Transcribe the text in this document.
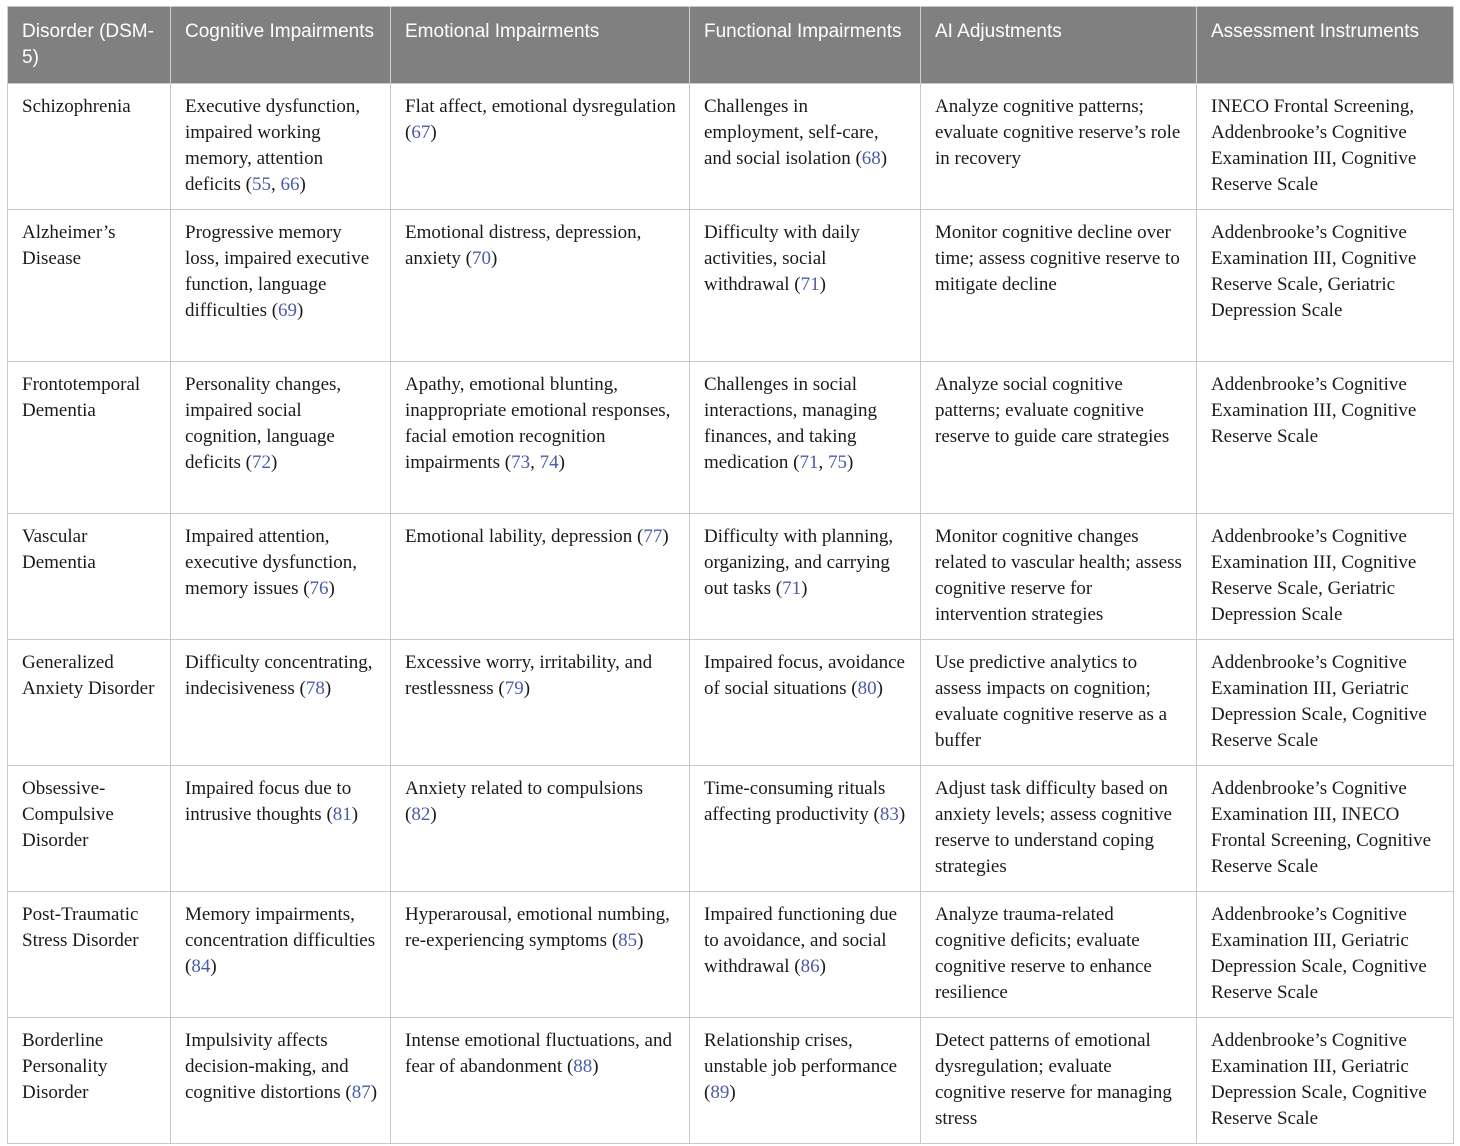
Disorder (DSM-5)	Cognitive Impairments	Emotional Impairments	Functional Impairments	AI Adjustments	Assessment Instruments
Schizophrenia	Executive dysfunction, impaired working memory, attention deficits (55, 66)	Flat affect, emotional dysregulation (67)	Challenges in employment, self-care, and social isolation (68)	Analyze cognitive patterns; evaluate cognitive reserve’s role in recovery	INECO Frontal Screening, Addenbrooke’s Cognitive Examination III, Cognitive Reserve Scale
Alzheimer’s Disease	Progressive memory loss, impaired executive function, language difficulties (69)	Emotional distress, depression, anxiety (70)	Difficulty with daily activities, social withdrawal (71)	Monitor cognitive decline over time; assess cognitive reserve to mitigate decline	Addenbrooke’s Cognitive Examination III, Cognitive Reserve Scale, Geriatric Depression Scale
Frontotemporal Dementia	Personality changes, impaired social cognition, language deficits (72)	Apathy, emotional blunting, inappropriate emotional responses, facial emotion recognition impairments (73, 74)	Challenges in social interactions, managing finances, and taking medication (71, 75)	Analyze social cognitive patterns; evaluate cognitive reserve to guide care strategies	Addenbrooke’s Cognitive Examination III, Cognitive Reserve Scale
Vascular Dementia	Impaired attention, executive dysfunction, memory issues (76)	Emotional lability, depression (77)	Difficulty with planning, organizing, and carrying out tasks (71)	Monitor cognitive changes related to vascular health; assess cognitive reserve for intervention strategies	Addenbrooke’s Cognitive Examination III, Cognitive Reserve Scale, Geriatric Depression Scale
Generalized Anxiety Disorder	Difficulty concentrating, indecisiveness (78)	Excessive worry, irritability, and restlessness (79)	Impaired focus, avoidance of social situations (80)	Use predictive analytics to assess impacts on cognition; evaluate cognitive reserve as a buffer	Addenbrooke’s Cognitive Examination III, Geriatric Depression Scale, Cognitive Reserve Scale
Obsessive-Compulsive Disorder	Impaired focus due to intrusive thoughts (81)	Anxiety related to compulsions (82)	Time-consuming rituals affecting productivity (83)	Adjust task difficulty based on anxiety levels; assess cognitive reserve to understand coping strategies	Addenbrooke’s Cognitive Examination III, INECO Frontal Screening, Cognitive Reserve Scale
Post-Traumatic Stress Disorder	Memory impairments, concentration difficulties (84)	Hyperarousal, emotional numbing, re-experiencing symptoms (85)	Impaired functioning due to avoidance, and social withdrawal (86)	Analyze trauma-related cognitive deficits; evaluate cognitive reserve to enhance resilience	Addenbrooke’s Cognitive Examination III, Geriatric Depression Scale, Cognitive Reserve Scale
Borderline Personality Disorder	Impulsivity affects decision-making, and cognitive distortions (87)	Intense emotional fluctuations, and fear of abandonment (88)	Relationship crises, unstable job performance (89)	Detect patterns of emotional dysregulation; evaluate cognitive reserve for managing stress	Addenbrooke’s Cognitive Examination III, Geriatric Depression Scale, Cognitive Reserve Scale
